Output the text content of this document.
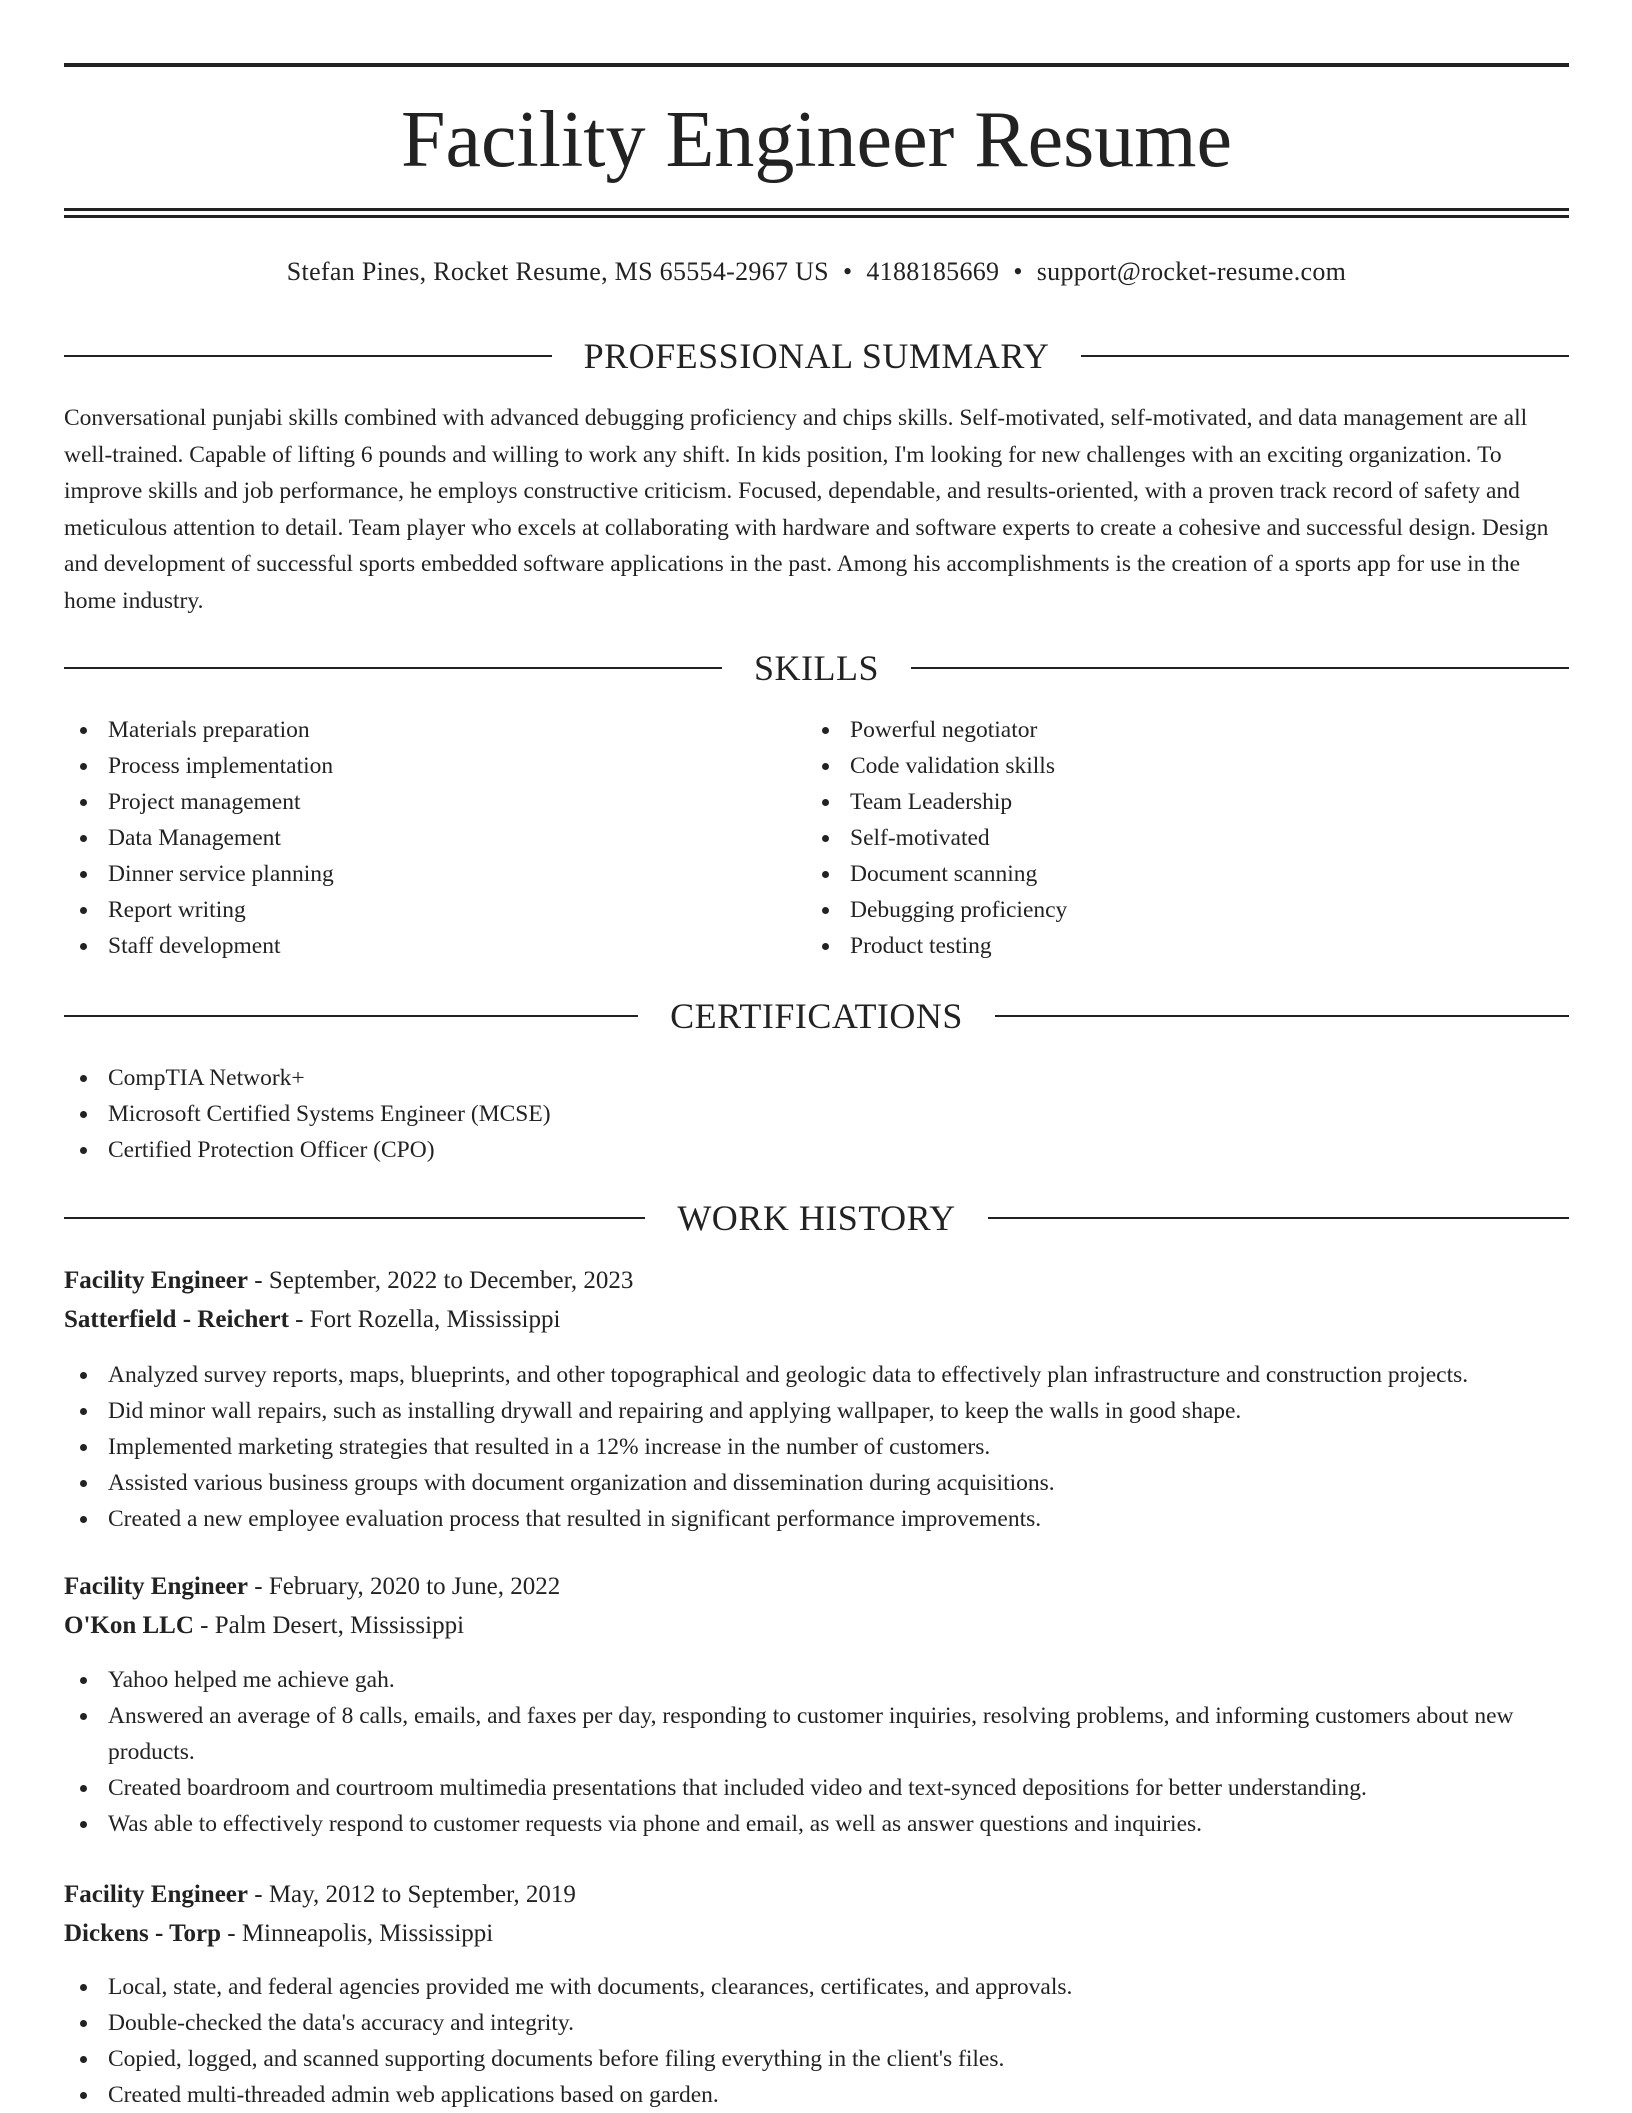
Facility Engineer Resume
Stefan Pines, Rocket Resume, MS 65554-2967 US • 4188185669 • support@rocket-resume.com
PROFESSIONAL SUMMARY

Conversational punjabi skills combined with advanced debugging proficiency and chips skills. Self-motivated, self-motivated, and data management are all well-trained. Capable of lifting 6 pounds and willing to work any shift. In kids position, I'm looking for new challenges with an exciting organization. To improve skills and job performance, he employs constructive criticism. Focused, dependable, and results-oriented, with a proven track record of safety and meticulous attention to detail. Team player who excels at collaborating with hardware and software experts to create a cohesive and successful design. Design and development of successful sports embedded software applications in the past. Among his accomplishments is the creation of a sports app for use in the home industry.

SKILLS
Materials preparation
Process implementation
Project management
Data Management
Dinner service planning
Report writing
Staff development
Powerful negotiator
Code validation skills
Team Leadership
Self-motivated
Document scanning
Debugging proficiency
Product testing
CERTIFICATIONS
CompTIA Network+
Microsoft Certified Systems Engineer (MCSE)
Certified Protection Officer (CPO)
WORK HISTORY
Facility Engineer - September, 2022 to December, 2023
Satterfield - Reichert - Fort Rozella, Mississippi
Analyzed survey reports, maps, blueprints, and other topographical and geologic data to effectively plan infrastructure and construction projects.
Did minor wall repairs, such as installing drywall and repairing and applying wallpaper, to keep the walls in good shape.
Implemented marketing strategies that resulted in a 12% increase in the number of customers.
Assisted various business groups with document organization and dissemination during acquisitions.
Created a new employee evaluation process that resulted in significant performance improvements.
Facility Engineer - February, 2020 to June, 2022
O'Kon LLC - Palm Desert, Mississippi
Yahoo helped me achieve gah.
Answered an average of 8 calls, emails, and faxes per day, responding to customer inquiries, resolving problems, and informing customers about new products.
Created boardroom and courtroom multimedia presentations that included video and text-synced depositions for better understanding.
Was able to effectively respond to customer requests via phone and email, as well as answer questions and inquiries.
Facility Engineer - May, 2012 to September, 2019
Dickens - Torp - Minneapolis, Mississippi
Local, state, and federal agencies provided me with documents, clearances, certificates, and approvals.
Double-checked the data's accuracy and integrity.
Copied, logged, and scanned supporting documents before filing everything in the client's files.
Created multi-threaded admin web applications based on garden.
